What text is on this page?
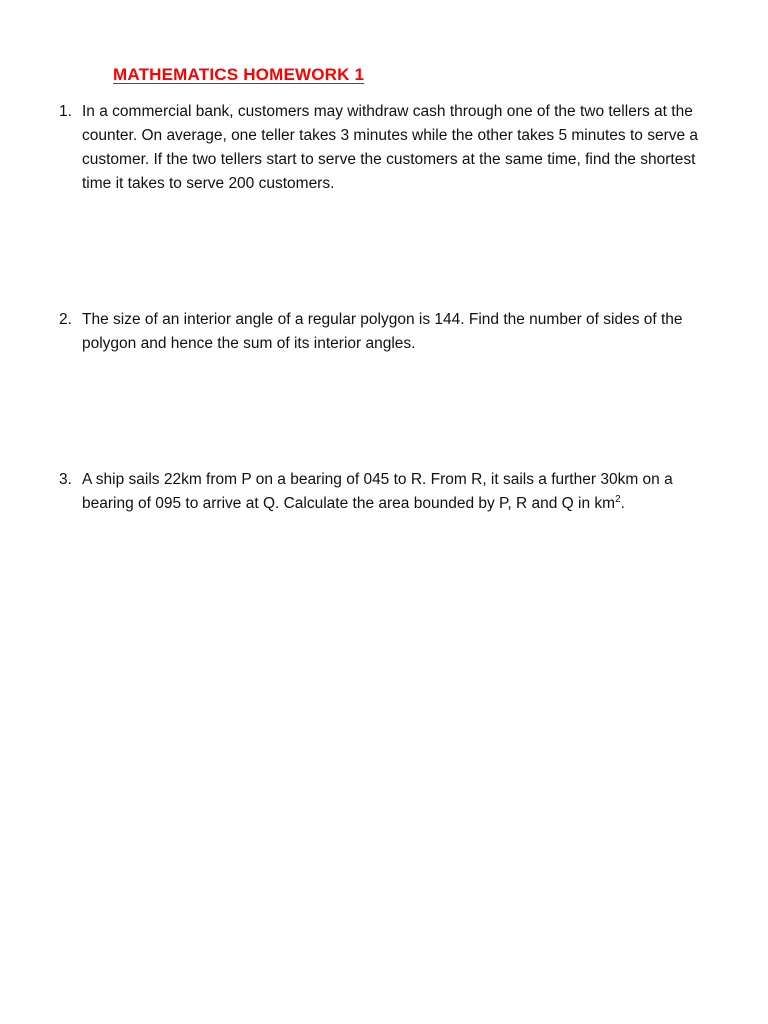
MATHEMATICS HOMEWORK 1
1. In a commercial bank, customers may withdraw cash through one of the two tellers at the
counter. On average, one teller takes 3 minutes while the other takes 5 minutes to serve a
customer. If the two tellers start to serve the customers at the same time, find the shortest
time it takes to serve 200 customers.
2. The size of an interior angle of a regular polygon is 144. Find the number of sides of the
polygon and hence the sum of its interior angles.
3. A ship sails 22km from P on a bearing of 045 to R. From R, it sails a further 30km on a
bearing of 095 to arrive at Q. Calculate the area bounded by P, R and Q in $km^2$.
